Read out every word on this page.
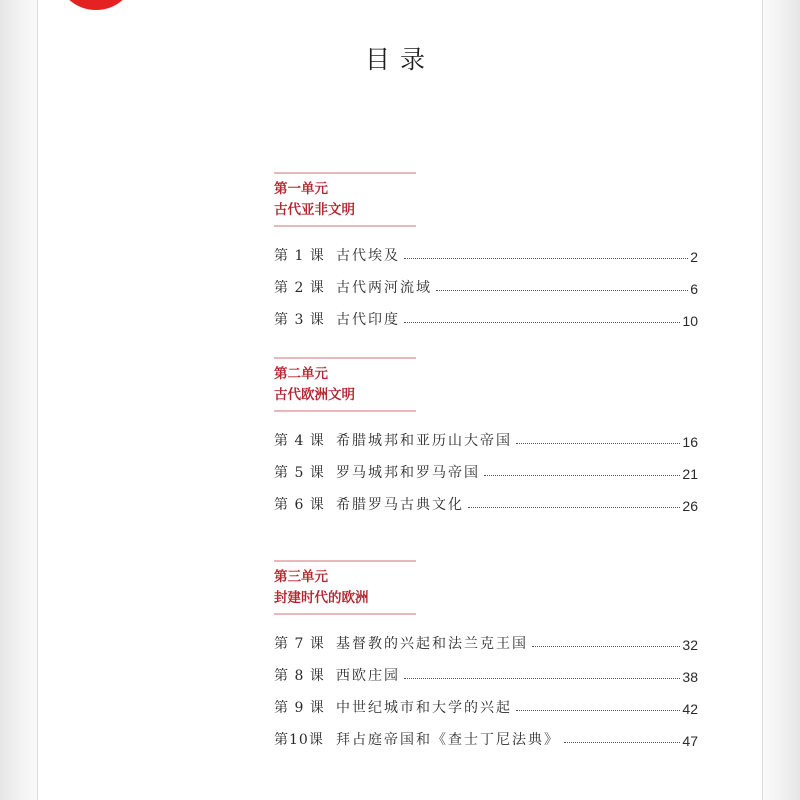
目录
第一单元
古代亚非文明
第 1 课 古代埃及	2
第 2 课 古代两河流域	6
第 3 课 古代印度	10
第二单元
古代欧洲文明
第 4 课 希腊城邦和亚历山大帝国	16
第 5 课 罗马城邦和罗马帝国	21
第 6 课 希腊罗马古典文化	26
第三单元
封建时代的欧洲
第 7 课 基督教的兴起和法兰克王国	32
第 8 课 西欧庄园	38
第 9 课 中世纪城市和大学的兴起	42
第10课 拜占庭帝国和《查士丁尼法典》	47
